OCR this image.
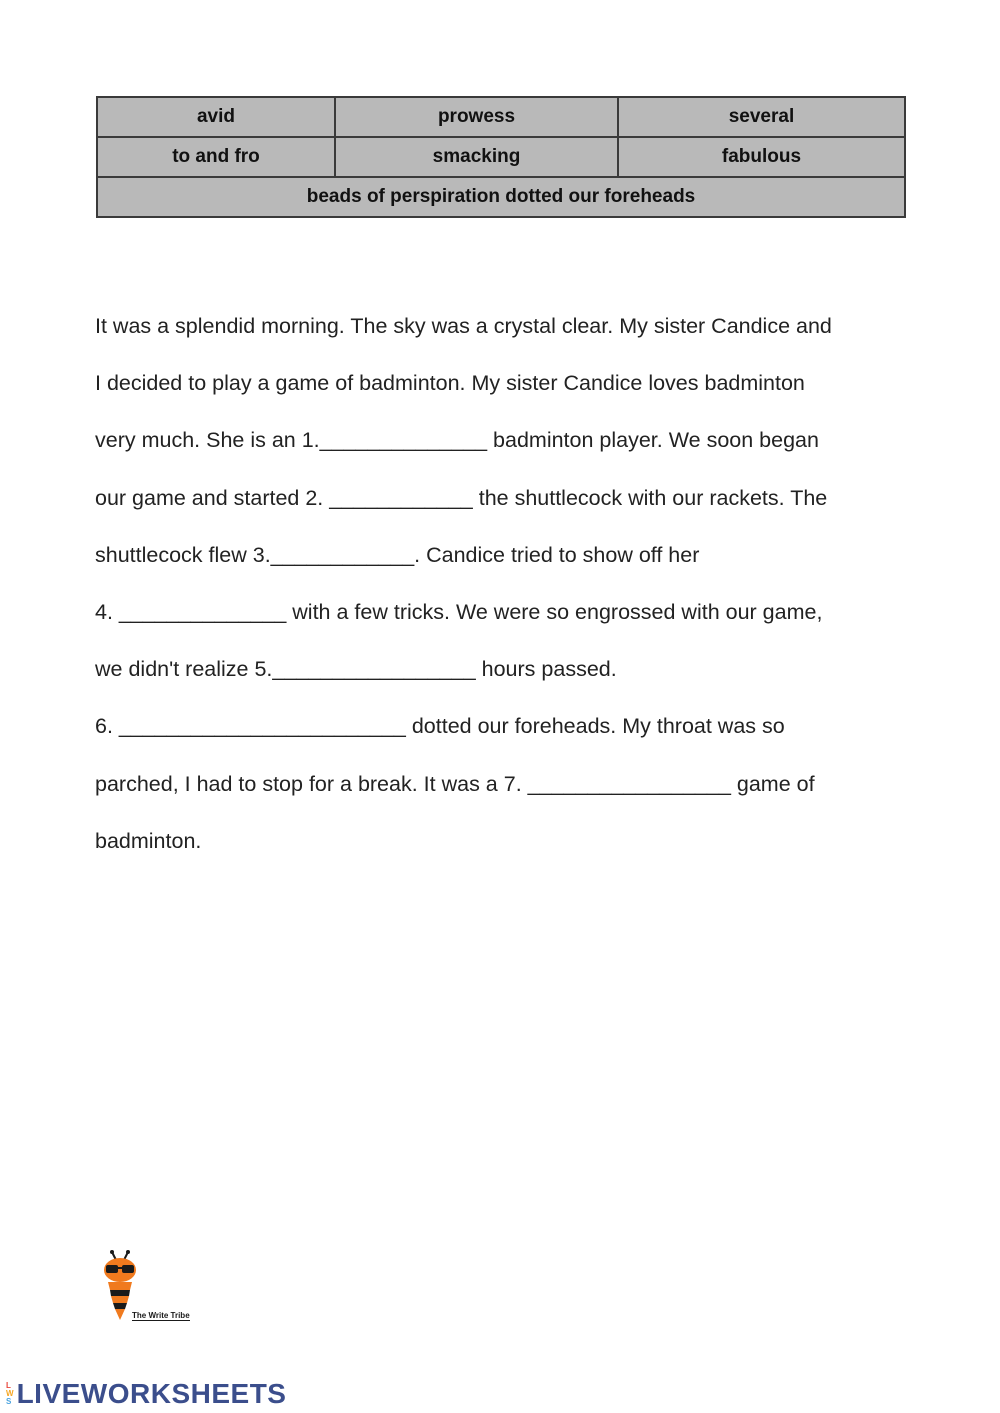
avid	prowess	several
to and fro	smacking	fabulous
beads of perspiration dotted our foreheads		
It was a splendid morning. The sky was a crystal clear. My sister Candice and
I decided to play a game of badminton. My sister Candice loves badminton
very much. She is an 1.______________ badminton player. We soon began
our game and started 2. ____________ the shuttlecock with our rackets. The
shuttlecock flew 3.____________. Candice tried to show off her
4. ______________ with a few tricks. We were so engrossed with our game,
we didn't realize 5._________________ hours passed.
6. ________________________ dotted our foreheads. My throat was so
parched, I had to stop for a break. It was a 7. _________________ game of
badminton.
The Write Tribe
L
W
S LIVEWORKSHEETS
